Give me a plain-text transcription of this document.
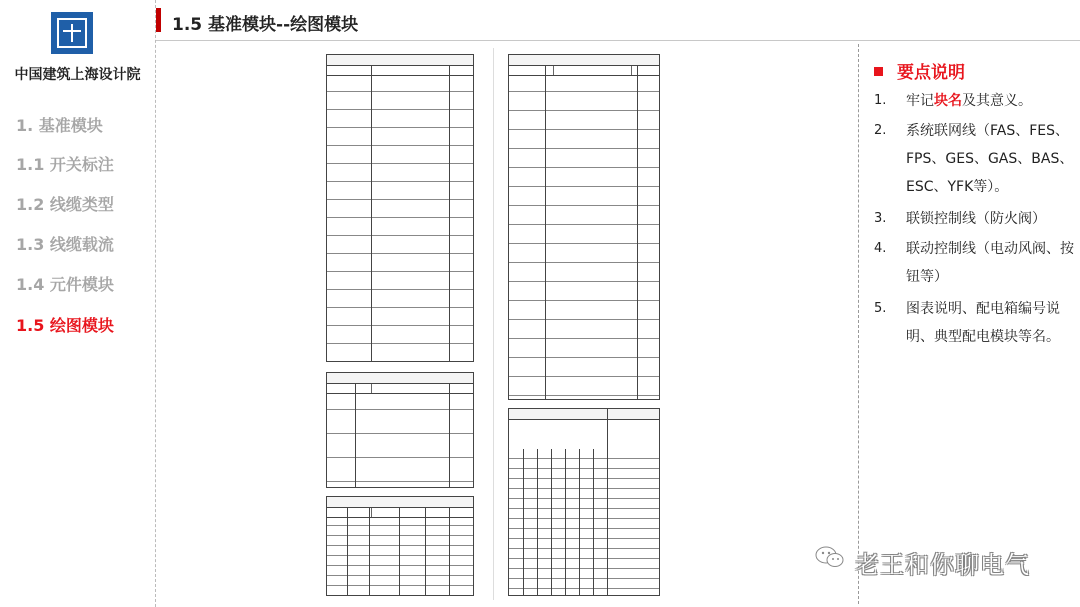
中国建筑上海设计院
1. 基准模块
1.1 开关标注
1.2 线缆类型
1.3 线缆载流
1.4 元件模块
1.5 绘图模块
1.5 基准模块--绘图模块
要点说明
1.	牢记块名及其意义。
2.	系统联网线（FAS、FES、FPS、GES、GAS、BAS、ESC、YFK等）。
3.	联锁控制线（防火阀）
4.	联动控制线（电动风阀、按钮等）
5.	图表说明、配电箱编号说明、典型配电模块等名。
老王和你聊电气
